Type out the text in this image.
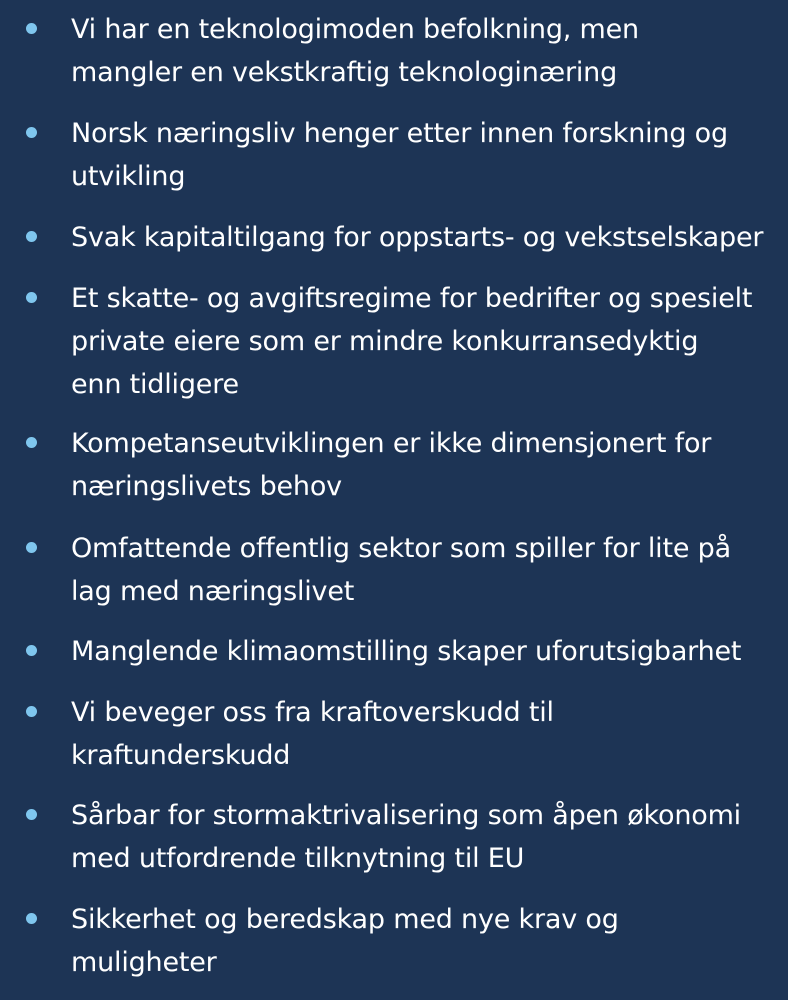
Vi har en teknologimoden befolkning, men
mangler en vekstkraftig teknologinæring

Norsk næringsliv henger etter innen forskning og
utvikling

Svak kapitaltilgang for oppstarts- og vekstselskaper

Et skatte- og avgiftsregime for bedrifter og spesielt
private eiere som er mindre konkurransedyktig
enn tidligere

Kompetanseutviklingen er ikke dimensjonert for
næringslivets behov

Omfattende offentlig sektor som spiller for lite på
lag med næringslivet

Manglende klimaomstilling skaper uforutsigbarhet

Vi beveger oss fra kraftoverskudd til
kraftunderskudd

Sårbar for stormaktrivalisering som åpen økonomi
med utfordrende tilknytning til EU

Sikkerhet og beredskap med nye krav og
muligheter
